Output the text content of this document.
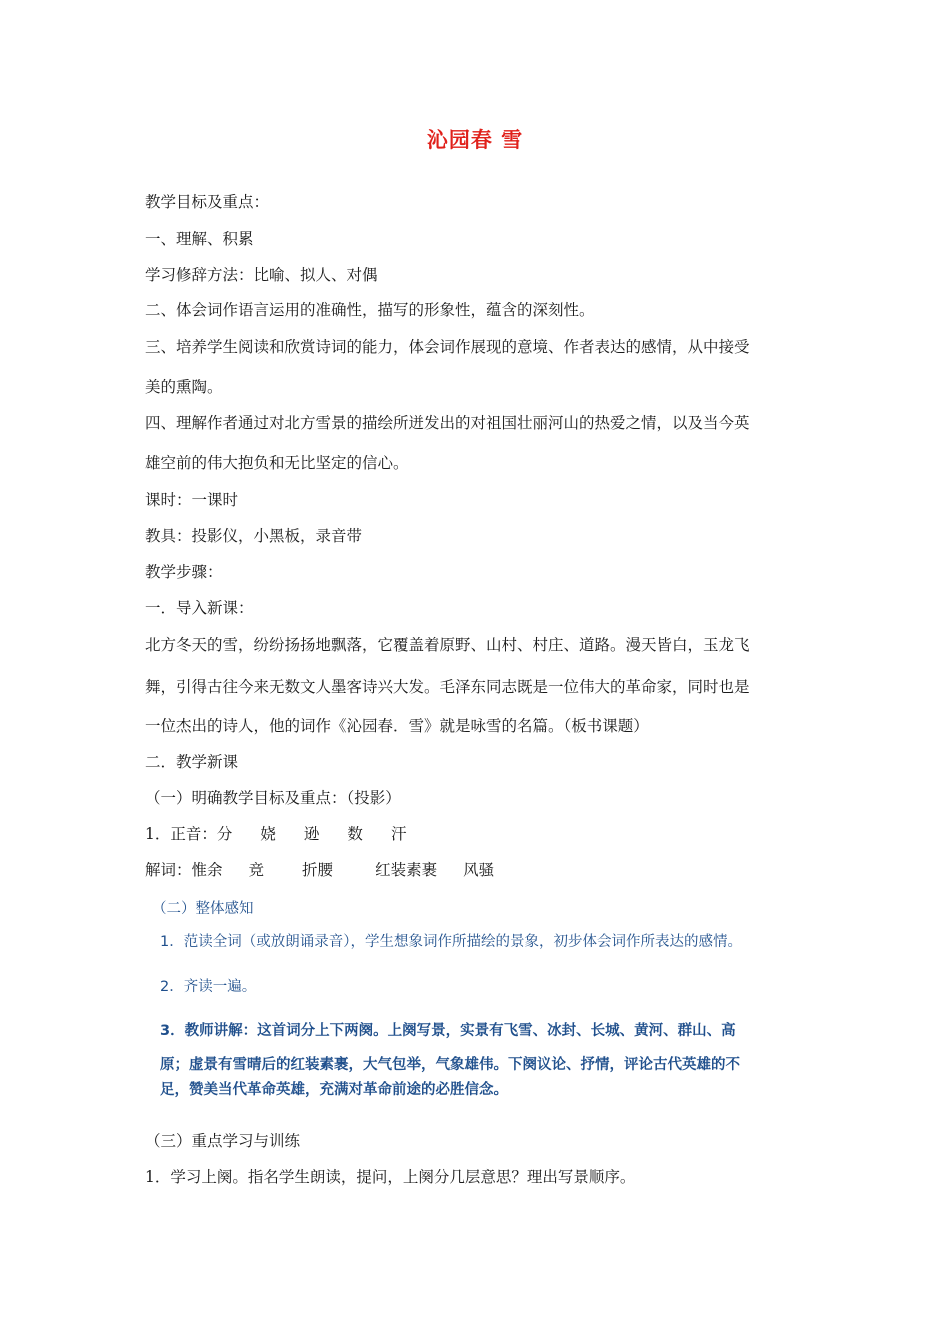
沁园春 雪
教学目标及重点：
一、理解、积累
学习修辞方法：比喻、拟人、对偶
二、体会词作语言运用的准确性，描写的形象性，蕴含的深刻性。
三、培养学生阅读和欣赏诗词的能力，体会词作展现的意境、作者表达的感情，从中接受
美的熏陶。
四、理解作者通过对北方雪景的描绘所迸发出的对祖国壮丽河山的热爱之情，以及当今英
雄空前的伟大抱负和无比坚定的信心。
课时：一课时
教具：投影仪，小黑板，录音带
教学步骤：
一．导入新课：
北方冬天的雪，纷纷扬扬地飘落，它覆盖着原野、山村、村庄、道路。漫天皆白，玉龙飞
舞，引得古往今来无数文人墨客诗兴大发。毛泽东同志既是一位伟大的革命家，同时也是
一位杰出的诗人，他的词作《沁园春．雪》就是咏雪的名篇。（板书课题）
二．教学新课
（一）明确教学目标及重点：（投影）
1．正音：分 娆 逊 数 汗
解词：惟余 竞 折腰	红装素裹 风骚
（二）整体感知
1．范读全词（或放朗诵录音），学生想象词作所描绘的景象，初步体会词作所表达的感情。
2．齐读一遍。
3．教师讲解：这首词分上下两阕。上阕写景，实景有飞雪、冰封、长城、黄河、群山、高
原；虚景有雪晴后的红装素裹，大气包举，气象雄伟。下阕议论、抒情，评论古代英雄的不
足，赞美当代革命英雄，充满对革命前途的必胜信念。
（三）重点学习与训练
1．学习上阕。指名学生朗读，提问，上阕分几层意思？理出写景顺序。
